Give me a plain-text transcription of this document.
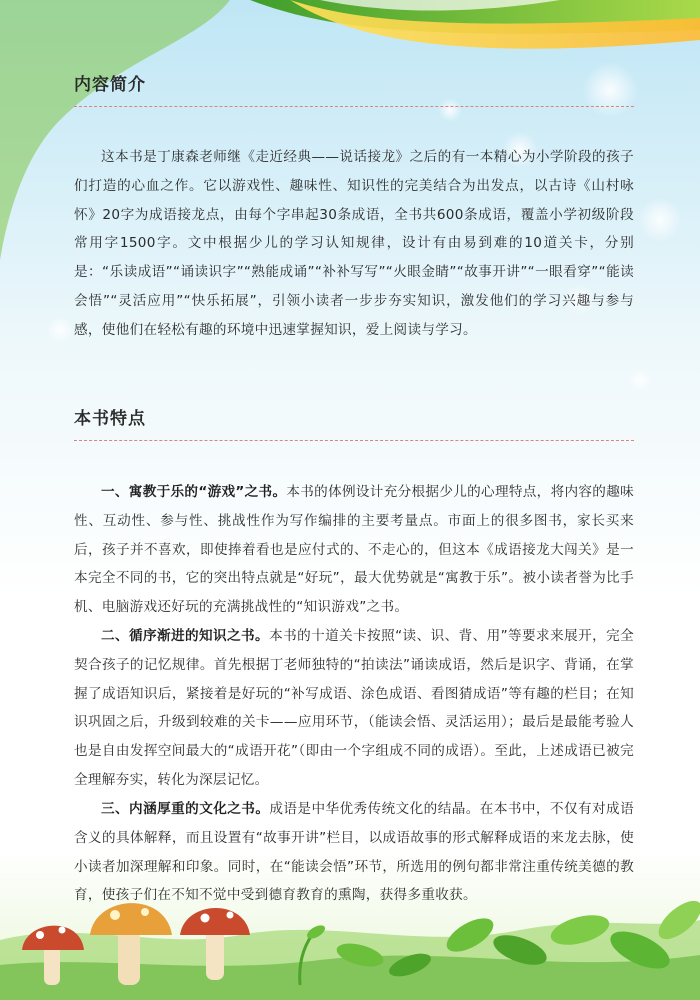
内容简介

这本书是丁康森老师继《走近经典——说话接龙》之后的有一本精心为小学阶段的孩子们打造的心血之作。它以游戏性、趣味性、知识性的完美结合为出发点，以古诗《山村咏怀》20字为成语接龙点，由每个字串起30条成语，全书共600条成语，覆盖小学初级阶段常用字1500字。文中根据少儿的学习认知规律，设计有由易到难的10道关卡，分别是：“乐读成语”“诵读识字”“熟能成诵”“补补写写”“火眼金睛”“故事开讲”“一眼看穿”“能读会悟”“灵活应用”“快乐拓展”，引领小读者一步步夯实知识，激发他们的学习兴趣与参与感，使他们在轻松有趣的环境中迅速掌握知识，爱上阅读与学习。

本书特点

一、寓教于乐的“游戏”之书。本书的体例设计充分根据少儿的心理特点，将内容的趣味性、互动性、参与性、挑战性作为写作编排的主要考量点。市面上的很多图书，家长买来后，孩子并不喜欢，即使捧着看也是应付式的、不走心的，但这本《成语接龙大闯关》是一本完全不同的书，它的突出特点就是“好玩”，最大优势就是“寓教于乐”。被小读者誉为比手机、电脑游戏还好玩的充满挑战性的“知识游戏”之书。

二、循序渐进的知识之书。本书的十道关卡按照“读、识、背、用”等要求来展开，完全契合孩子的记忆规律。首先根据丁老师独特的“拍读法”诵读成语，然后是识字、背诵，在掌握了成语知识后，紧接着是好玩的“补写成语、涂色成语、看图猜成语”等有趣的栏目；在知识巩固之后，升级到较难的关卡——应用环节，（能读会悟、灵活运用）；最后是最能考验人也是自由发挥空间最大的“成语开花”（即由一个字组成不同的成语）。至此，上述成语已被完全理解夯实，转化为深层记忆。

三、内涵厚重的文化之书。成语是中华优秀传统文化的结晶。在本书中，不仅有对成语含义的具体解释，而且设置有“故事开讲”栏目，以成语故事的形式解释成语的来龙去脉，使小读者加深理解和印象。同时，在“能读会悟”环节，所选用的例句都非常注重传统美德的教育，使孩子们在不知不觉中受到德育教育的熏陶，获得多重收获。
